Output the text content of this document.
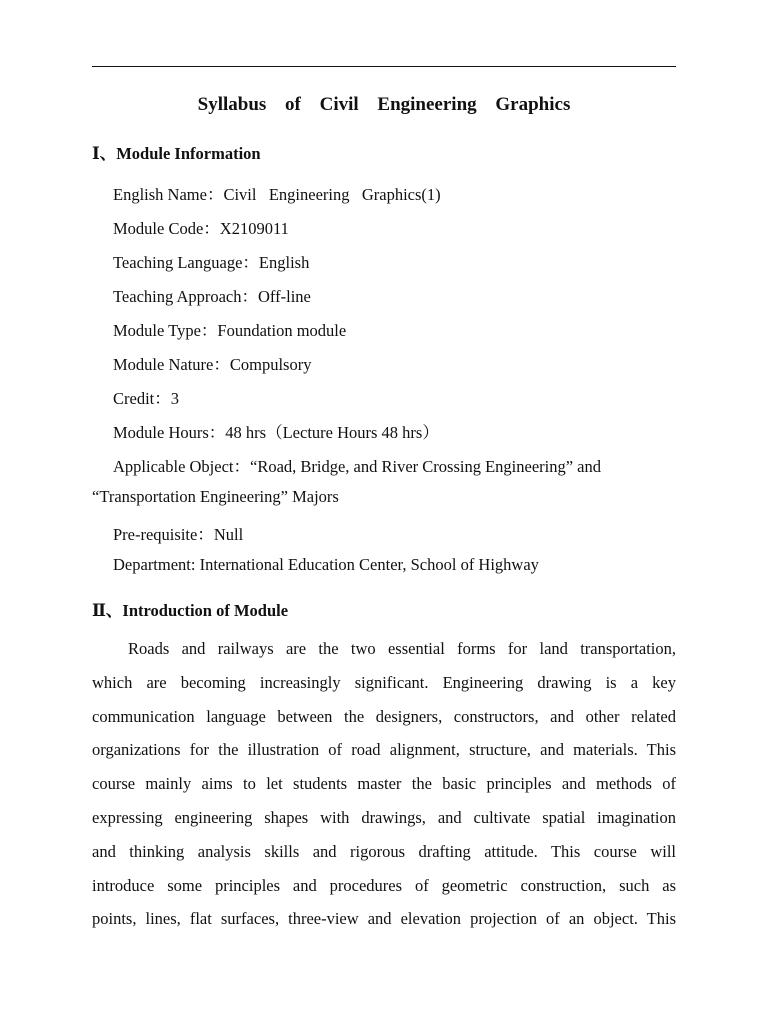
Syllabus of Civil Engineering Graphics
Ⅰ、Module Information
English Name：Civil   Engineering   Graphics(1)
Module Code：X2109011
Teaching Language：English
Teaching Approach：Off-line
Module Type：Foundation module
Module Nature：Compulsory
Credit：3
Module Hours：48 hrs（Lecture Hours 48 hrs）
Applicable Object：“Road, Bridge, and River Crossing Engineering” and
“Transportation Engineering” Majors
Pre-requisite：Null
Department: International Education Center, School of Highway
Ⅱ、Introduction of Module
Roads and railways are the two essential forms for land transportation,
which are becoming increasingly significant. Engineering drawing is a key
communication language between the designers, constructors, and other related
organizations for the illustration of road alignment, structure, and materials. This
course mainly aims to let students master the basic principles and methods of
expressing engineering shapes with drawings, and cultivate spatial imagination
and thinking analysis skills and rigorous drafting attitude. This course will
introduce some principles and procedures of geometric construction, such as
points, lines, flat surfaces, three-view and elevation projection of an object. This
